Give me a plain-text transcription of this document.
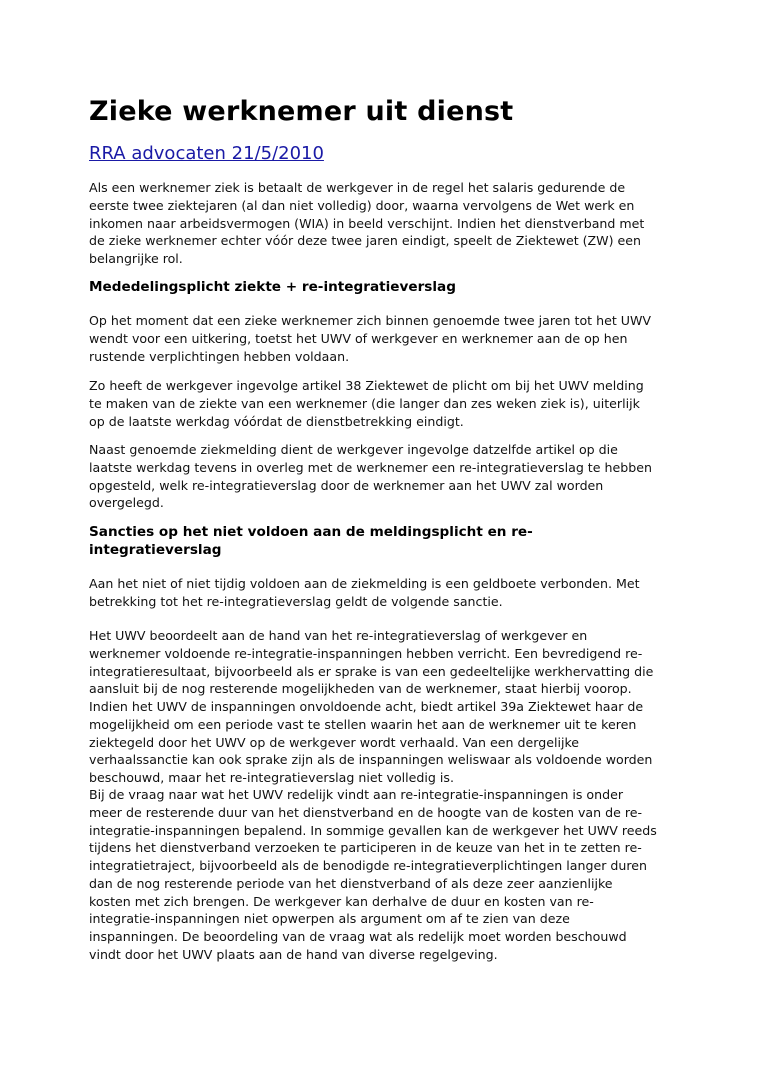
Zieke werknemer uit dienst
RRA advocaten 21/5/2010
Als een werknemer ziek is betaalt de werkgever in de regel het salaris gedurende de
eerste twee ziektejaren (al dan niet volledig) door, waarna vervolgens de Wet werk en
inkomen naar arbeidsvermogen (WIA) in beeld verschijnt. Indien het dienstverband met
de zieke werknemer echter vóór deze twee jaren eindigt, speelt de Ziektewet (ZW) een
belangrijke rol.
Mededelingsplicht ziekte + re-integratieverslag
Op het moment dat een zieke werknemer zich binnen genoemde twee jaren tot het UWV
wendt voor een uitkering, toetst het UWV of werkgever en werknemer aan de op hen
rustende verplichtingen hebben voldaan.
Zo heeft de werkgever ingevolge artikel 38 Ziektewet de plicht om bij het UWV melding
te maken van de ziekte van een werknemer (die langer dan zes weken ziek is), uiterlijk
op de laatste werkdag vóórdat de dienstbetrekking eindigt.
Naast genoemde ziekmelding dient de werkgever ingevolge datzelfde artikel op die
laatste werkdag tevens in overleg met de werknemer een re-integratieverslag te hebben
opgesteld, welk re-integratieverslag door de werknemer aan het UWV zal worden
overgelegd.
Sancties op het niet voldoen aan de meldingsplicht en re-
integratieverslag
Aan het niet of niet tijdig voldoen aan de ziekmelding is een geldboete verbonden. Met
betrekking tot het re-integratieverslag geldt de volgende sanctie.
Het UWV beoordeelt aan de hand van het re-integratieverslag of werkgever en
werknemer voldoende re-integratie-inspanningen hebben verricht. Een bevredigend re-
integratieresultaat, bijvoorbeeld als er sprake is van een gedeeltelijke werkhervatting die
aansluit bij de nog resterende mogelijkheden van de werknemer, staat hierbij voorop.
Indien het UWV de inspanningen onvoldoende acht, biedt artikel 39a Ziektewet haar de
mogelijkheid om een periode vast te stellen waarin het aan de werknemer uit te keren
ziektegeld door het UWV op de werkgever wordt verhaald. Van een dergelijke
verhaalssanctie kan ook sprake zijn als de inspanningen weliswaar als voldoende worden
beschouwd, maar het re-integratieverslag niet volledig is.
Bij de vraag naar wat het UWV redelijk vindt aan re-integratie-inspanningen is onder
meer de resterende duur van het dienstverband en de hoogte van de kosten van de re-
integratie-inspanningen bepalend. In sommige gevallen kan de werkgever het UWV reeds
tijdens het dienstverband verzoeken te participeren in de keuze van het in te zetten re-
integratietraject, bijvoorbeeld als de benodigde re-integratieverplichtingen langer duren
dan de nog resterende periode van het dienstverband of als deze zeer aanzienlijke
kosten met zich brengen. De werkgever kan derhalve de duur en kosten van re-
integratie-inspanningen niet opwerpen als argument om af te zien van deze
inspanningen. De beoordeling van de vraag wat als redelijk moet worden beschouwd
vindt door het UWV plaats aan de hand van diverse regelgeving.
